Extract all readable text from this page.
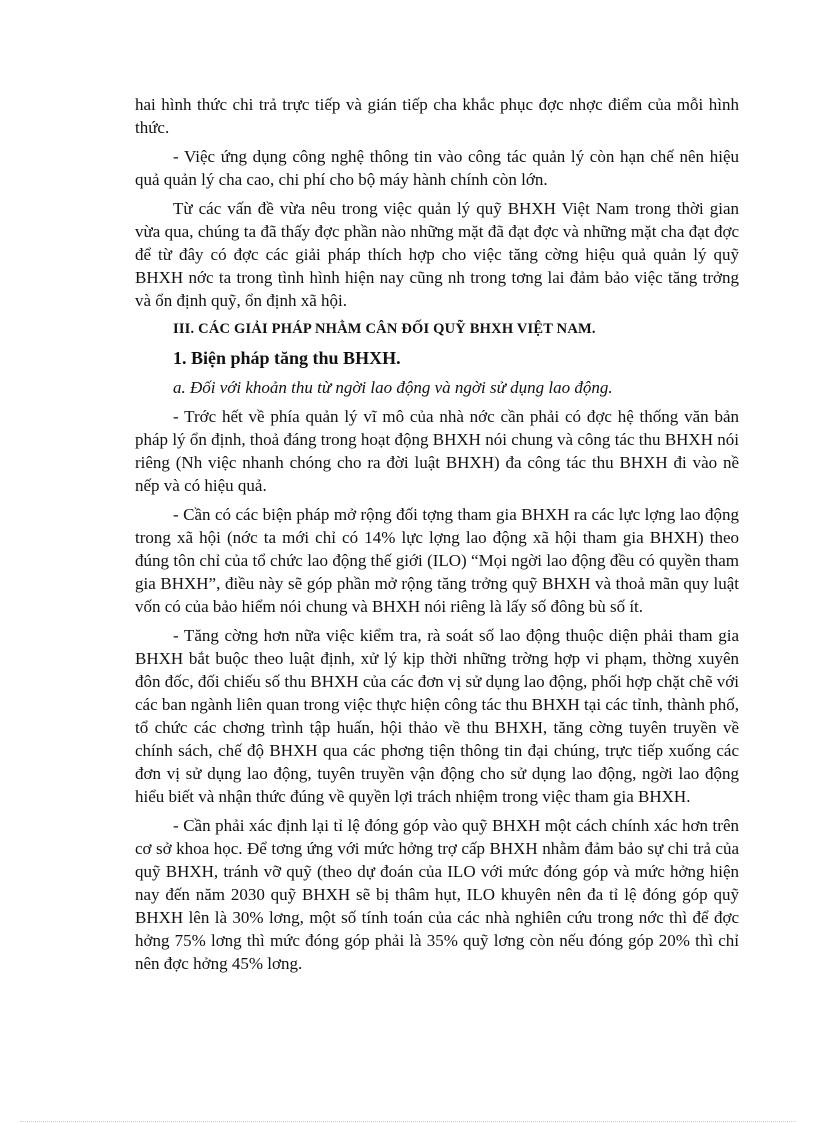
hai hình thức chi trả trực tiếp và gián tiếp cha khắc phục đợc nhợc điểm của mỗi hình thức.

- Việc ứng dụng công nghệ thông tin vào công tác quản lý còn hạn chế nên hiệu quả quản lý cha cao, chi phí cho bộ máy hành chính còn lớn.

Từ các vấn đề vừa nêu trong việc quản lý quỹ BHXH Việt Nam trong thời gian vừa qua, chúng ta đã thấy đợc phần nào những mặt đã đạt đợc và những mặt cha đạt đợc để từ đây có đợc các giải pháp thích hợp cho việc tăng cờng hiệu quả quản lý quỹ BHXH nớc ta trong tình hình hiện nay cũng nh trong tơng lai đảm bảo việc tăng trởng và ổn định quỹ, ổn định xã hội.

III. CÁC GIẢI PHÁP NHẰM CÂN ĐỐI QUỸ BHXH VIỆT NAM.

1. Biện pháp tăng thu BHXH.

a. Đối với khoản thu từ ngời lao động và ngời sử dụng lao động.

- Trớc hết về phía quản lý vĩ mô của nhà nớc cần phải có đợc hệ thống văn bản pháp lý ổn định, thoả đáng trong hoạt động BHXH nói chung và công tác thu BHXH nói riêng (Nh việc nhanh chóng cho ra đời luật BHXH) đa công tác thu BHXH đi vào nề nếp và có hiệu quả.

- Cần có các biện pháp mở rộng đối tợng tham gia BHXH ra các lực lợng lao động trong xã hội (nớc ta mới chỉ có 14% lực lợng lao động xã hội tham gia BHXH) theo đúng tôn chỉ của tổ chức lao động thế giới (ILO) “Mọi ngời lao động đều có quyền tham gia BHXH”, điều này sẽ góp phần mở rộng tăng trởng quỹ BHXH và thoả mãn quy luật vốn có của bảo hiểm nói chung và BHXH nói riêng là lấy số đông bù số ít.

- Tăng cờng hơn nữa việc kiểm tra, rà soát số lao động thuộc diện phải tham gia BHXH bắt buộc theo luật định, xử lý kịp thời những trờng hợp vi phạm, thờng xuyên đôn đốc, đối chiếu số thu BHXH của các đơn vị sử dụng lao động, phối hợp chặt chẽ với các ban ngành liên quan trong việc thực hiện công tác thu BHXH tại các tỉnh, thành phố, tổ chức các chơng trình tập huấn, hội thảo về thu BHXH, tăng cờng tuyên truyền về chính sách, chế độ BHXH qua các phơng tiện thông tin đại chúng, trực tiếp xuống các đơn vị sử dụng lao động, tuyên truyền vận động cho sử dụng lao động, ngời lao động hiểu biết và nhận thức đúng về quyền lợi trách nhiệm trong việc tham gia BHXH.

- Cần phải xác định lại tỉ lệ đóng góp vào quỹ BHXH một cách chính xác hơn trên cơ sở khoa học. Để tơng ứng với mức hởng trợ cấp BHXH nhằm đảm bảo sự chi trả của quỹ BHXH, tránh vỡ quỹ (theo dự đoán của ILO với mức đóng góp và mức hởng hiện nay đến năm 2030 quỹ BHXH sẽ bị thâm hụt, ILO khuyên nên đa tỉ lệ đóng góp quỹ BHXH lên là 30% lơng, một số tính toán của các nhà nghiên cứu trong nớc thì để đợc hởng 75% lơng thì mức đóng góp phải là 35% quỹ lơng còn nếu đóng góp 20% thì chỉ nên đợc hởng 45% lơng.
